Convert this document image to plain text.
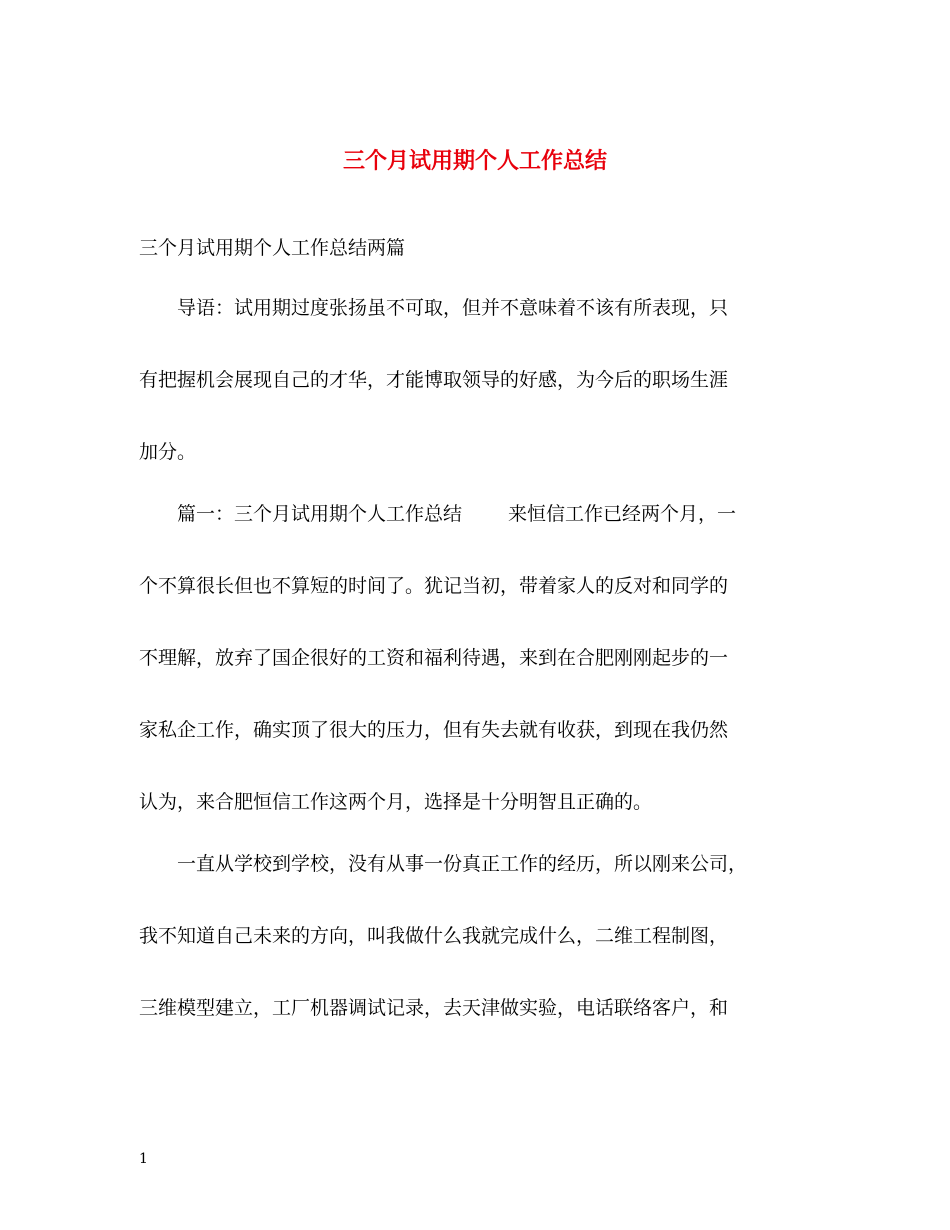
三个月试用期个人工作总结

三个月试用期个人工作总结两篇

导语：试用期过度张扬虽不可取，但并不意味着不该有所表现，只

有把握机会展现自己的才华，才能博取领导的好感，为今后的职场生涯

加分。

篇一：三个月试用期个人工作总结 来恒信工作已经两个月，一

个不算很长但也不算短的时间了。犹记当初，带着家人的反对和同学的

不理解，放弃了国企很好的工资和福利待遇，来到在合肥刚刚起步的一

家私企工作，确实顶了很大的压力，但有失去就有收获，到现在我仍然

认为，来合肥恒信工作这两个月，选择是十分明智且正确的。

一直从学校到学校，没有从事一份真正工作的经历，所以刚来公司，

我不知道自己未来的方向，叫我做什么我就完成什么，二维工程制图，

三维模型建立，工厂机器调试记录，去天津做实验，电话联络客户，和

1
